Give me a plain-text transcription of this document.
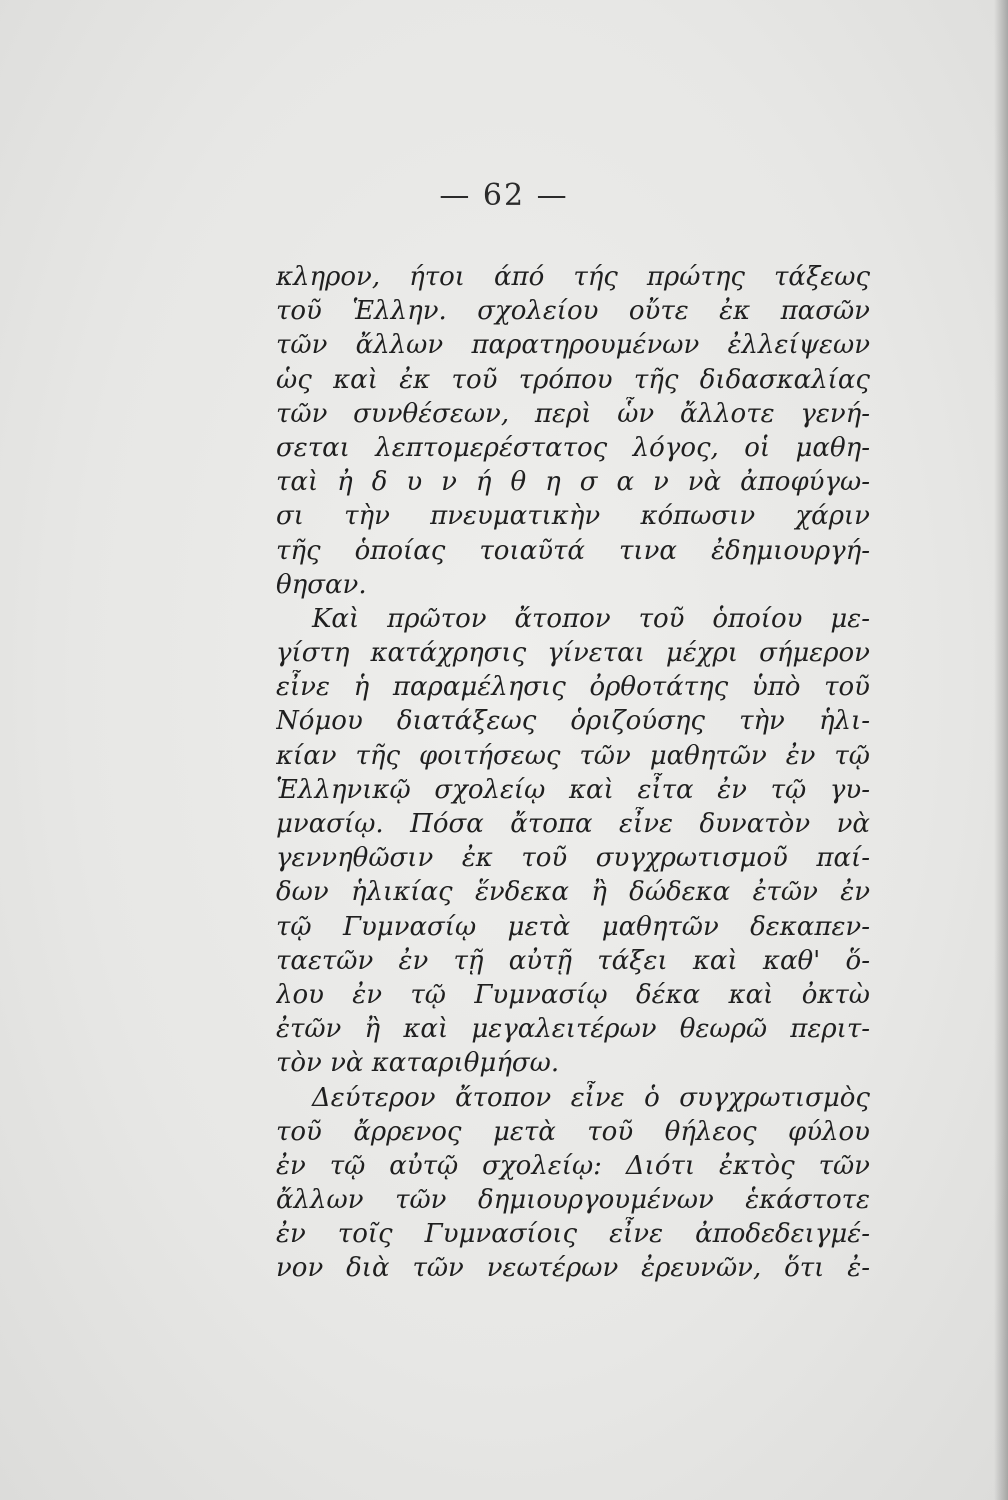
— 62 —
κληρον, ήτοι άπό τής πρώτης τάξεως
τοῦ Ἑλλην. σχολείου οὔτε ἐκ πασῶν
τῶν ἄλλων παρατηρουμένων ἐλλείψεων
ὡς καὶ ἐκ τοῦ τρόπου τῆς διδασκαλίας
τῶν συνθέσεων, περὶ ὧν ἄλλοτε γενή-
σεται λεπτομερέστατος λόγος, οἱ μαθη-
ταὶ ἠ δ υ ν ή θ η σ α ν νὰ ἀποφύγω-
σι τὴν πνευματικὴν κόπωσιν χάριν
τῆς ὁποίας τοιαῦτά τινα ἐδημιουργή-
θησαν.
Καὶ πρῶτον ἄτοπον τοῦ ὁποίου με-
γίστη κατάχρησις γίνεται μέχρι σήμερον
εἶνε ἡ παραμέλησις ὀρθοτάτης ὑπὸ τοῦ
Νόμου διατάξεως ὁριζούσης τὴν ἡλι-
κίαν τῆς φοιτήσεως τῶν μαθητῶν ἐν τῷ
Ἑλληνικῷ σχολείῳ καὶ εἶτα ἐν τῷ γυ-
μνασίῳ. Πόσα ἄτοπα εἶνε δυνατὸν νὰ
γεννηθῶσιν ἐκ τοῦ συγχρωτισμοῦ παί-
δων ἡλικίας ἕνδεκα ἢ δώδεκα ἐτῶν ἐν
τῷ Γυμνασίῳ μετὰ μαθητῶν δεκαπεν-
ταετῶν ἐν τῇ αὐτῇ τάξει καὶ καθ' ὅ-
λου ἐν τῷ Γυμνασίῳ δέκα καὶ ὀκτὼ
ἐτῶν ἢ καὶ μεγαλειτέρων θεωρῶ περιτ-
τὸν νὰ καταριθμήσω.
Δεύτερον ἄτοπον εἶνε ὁ συγχρωτισμὸς
τοῦ ἄρρενος μετὰ τοῦ θήλεος φύλου
ἐν τῷ αὐτῷ σχολείῳ: Διότι ἐκτὸς τῶν
ἄλλων τῶν δημιουργουμένων ἑκάστοτε
ἐν τοῖς Γυμνασίοις εἶνε ἀποδεδειγμέ-
νον διὰ τῶν νεωτέρων ἐρευνῶν, ὅτι ἐ-
